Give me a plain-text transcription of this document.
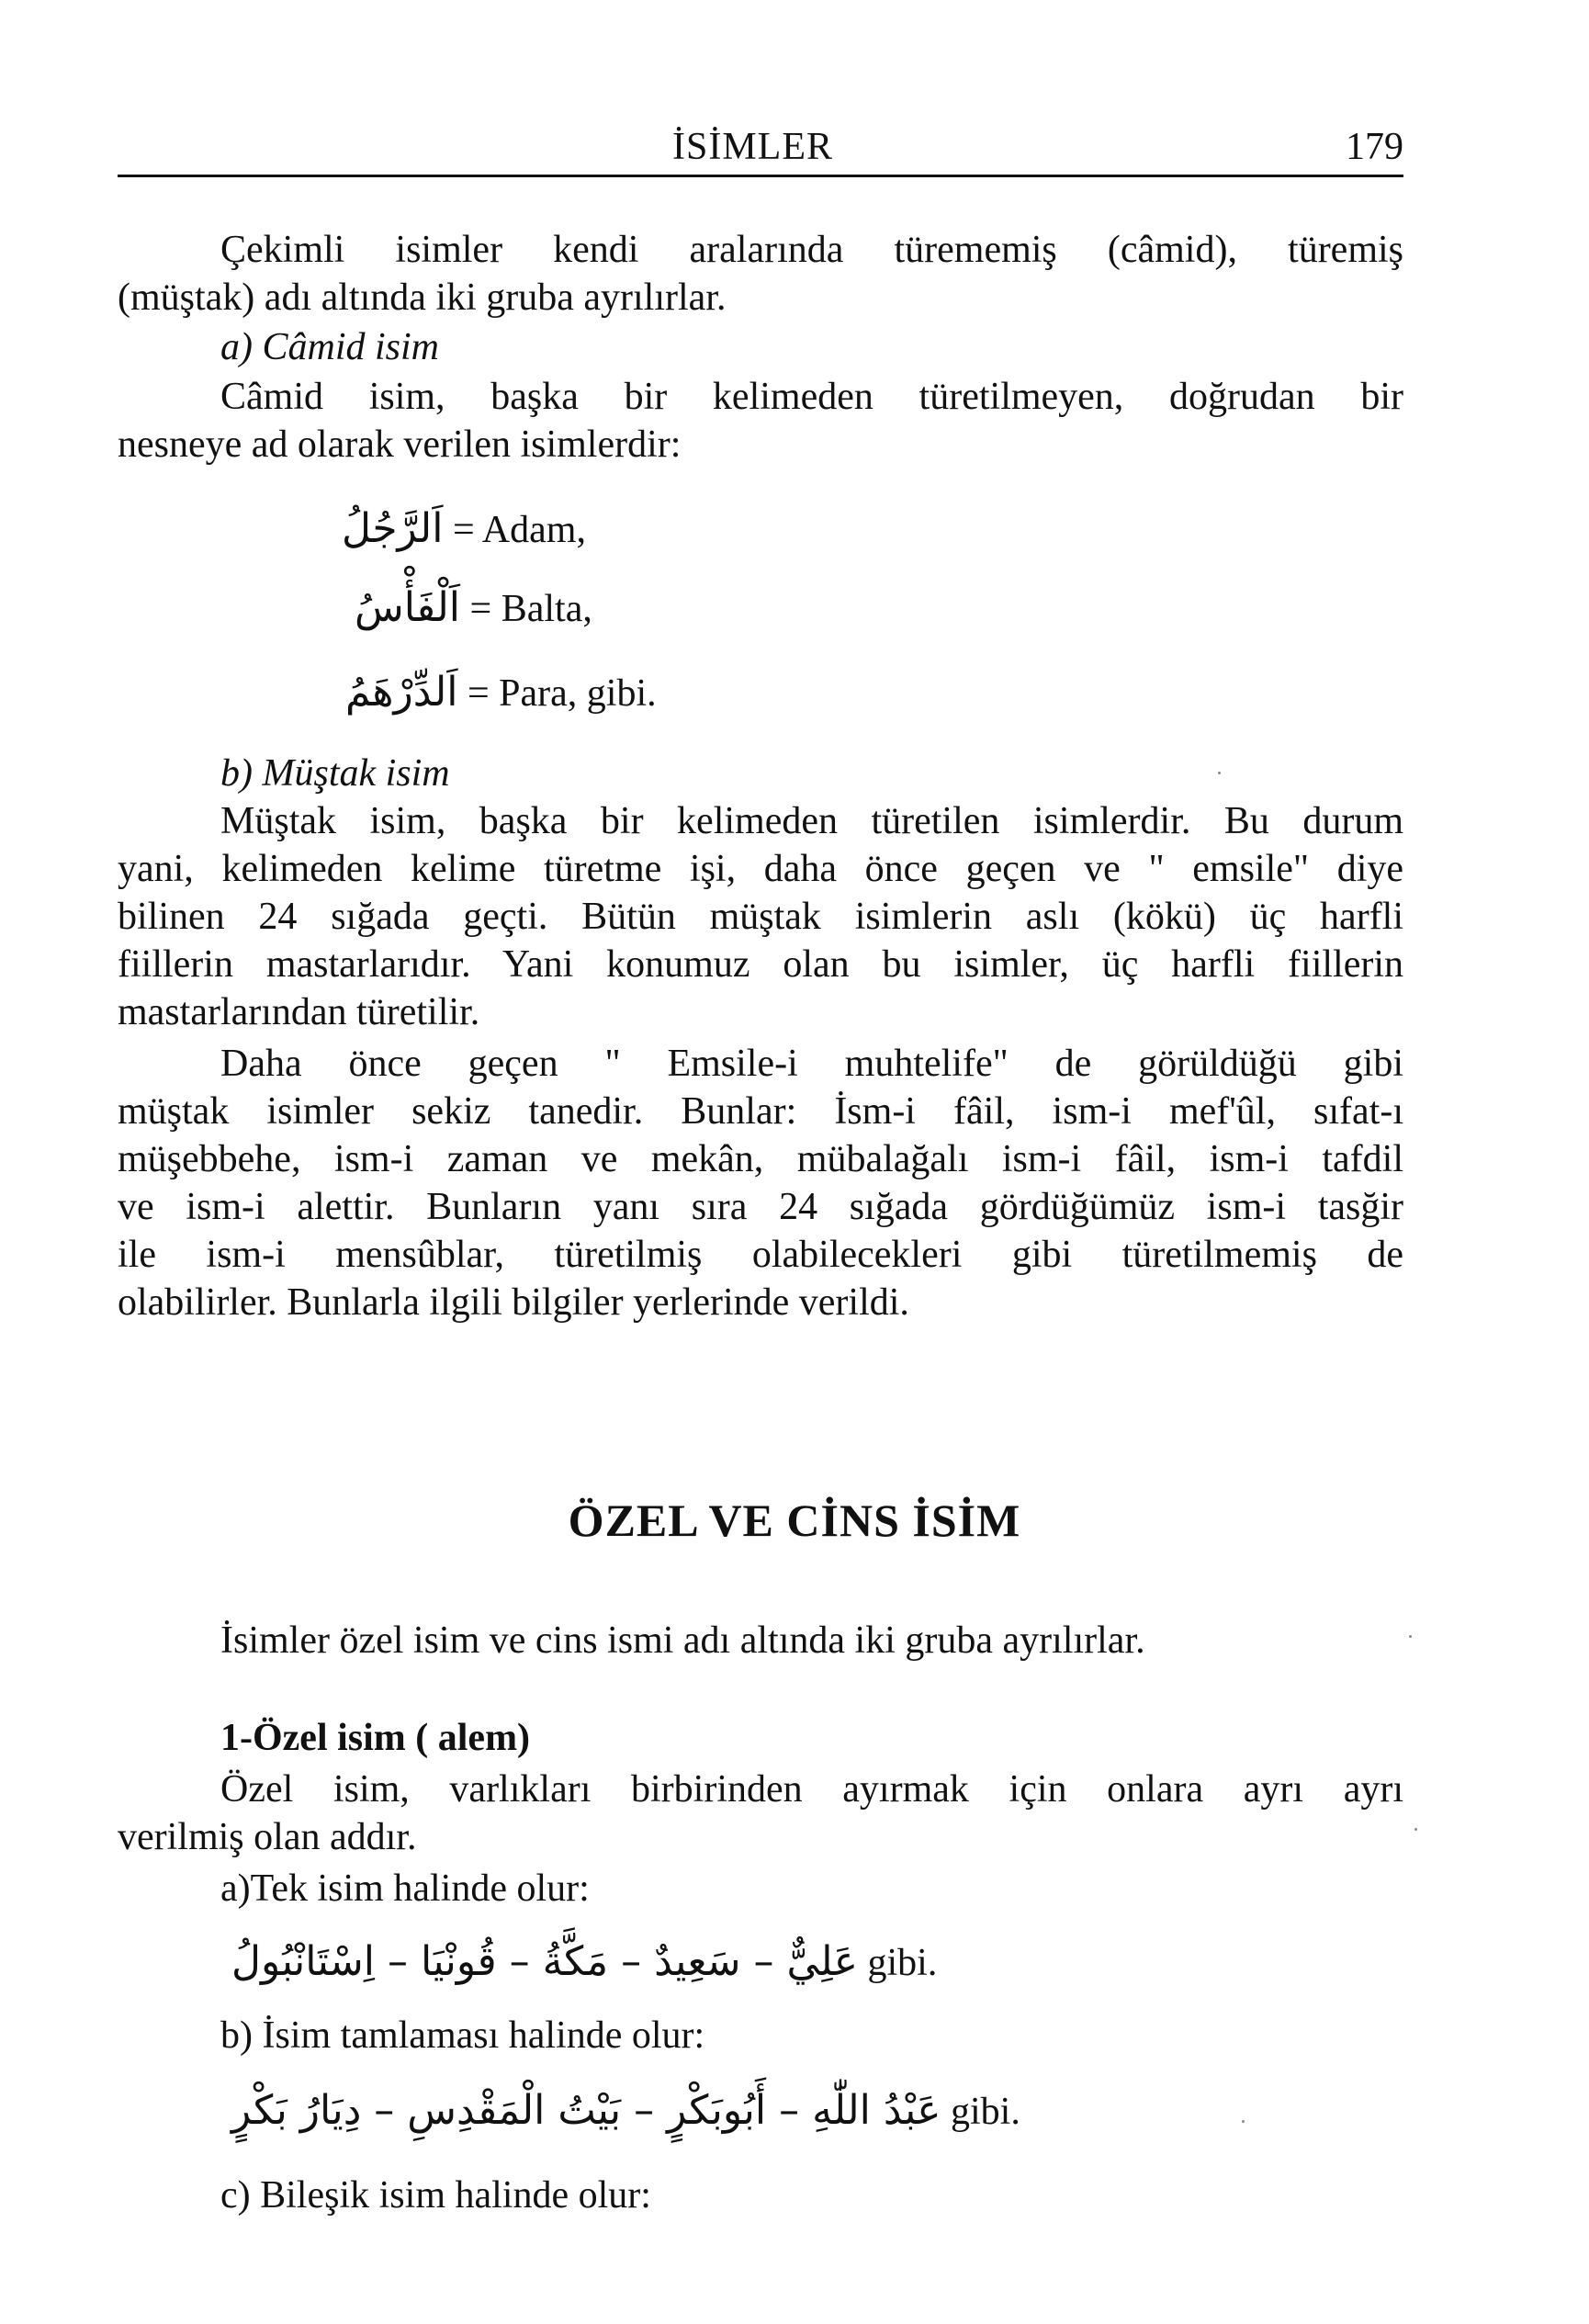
İSİMLER	179
Çekimli isimler kendi aralarında türememiş (câmid), türemiş
(müştak) adı altında iki gruba ayrılırlar.
a) Câmid isim
Câmid isim, başka bir kelimeden türetilmeyen, doğrudan bir
nesneye ad olarak verilen isimlerdir:
اَلرَّجُلُ = Adam,
اَلْفَأْسُ = Balta,
اَلدِّرْهَمُ = Para, gibi.
b) Müştak isim
Müştak isim, başka bir kelimeden türetilen isimlerdir. Bu durum
yani, kelimeden kelime türetme işi, daha önce geçen ve " emsile" diye
bilinen 24 sığada geçti. Bütün müştak isimlerin aslı (kökü) üç harfli
fiillerin mastarlarıdır. Yani konumuz olan bu isimler, üç harfli fiillerin
mastarlarından türetilir.
Daha önce geçen " Emsile-i muhtelife" de görüldüğü gibi
müştak isimler sekiz tanedir. Bunlar: İsm-i fâil, ism-i mef'ûl, sıfat-ı
müşebbehe, ism-i zaman ve mekân, mübalağalı ism-i fâil, ism-i tafdil
ve ism-i alettir. Bunların yanı sıra 24 sığada gördüğümüz ism-i tasğir
ile ism-i mensûblar, türetilmiş olabilecekleri gibi türetilmemiş de
olabilirler. Bunlarla ilgili bilgiler yerlerinde verildi.
ÖZEL VE CİNS İSİM
İsimler özel isim ve cins ismi adı altında iki gruba ayrılırlar.
1-Özel isim ( alem)
Özel isim, varlıkları birbirinden ayırmak için onlara ayrı ayrı
verilmiş olan addır.
a)Tek isim halinde olur:
عَلِيٌّ – سَعِيدٌ – مَكَّةُ – قُونْيَا – اِسْتَانْبُولُ gibi.
b) İsim tamlaması halinde olur:
عَبْدُ اللّٰهِ – أَبُوبَكْرٍ – بَيْتُ الْمَقْدِسِ – دِيَارُ بَكْرٍ gibi.
c) Bileşik isim halinde olur:
